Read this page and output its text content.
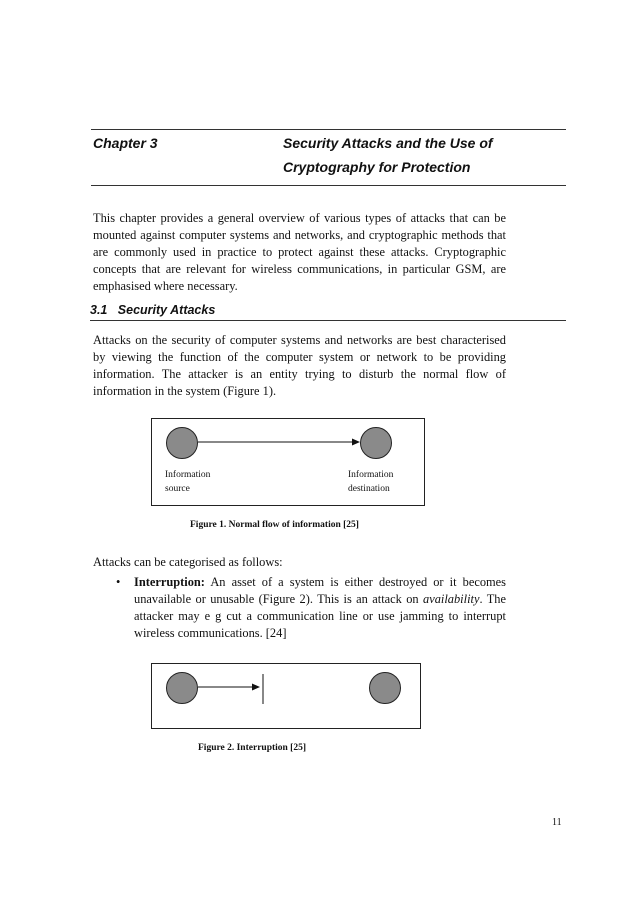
Chapter 3	Security Attacks and the Use of
Cryptography for Protection
This chapter provides a general overview of various types of attacks that can be
mounted against computer systems and networks, and cryptographic methods that
are commonly used in practice to protect against these attacks. Cryptographic
concepts that are relevant for wireless communications, in particular GSM, are
emphasised where necessary.
3.1   Security Attacks
Attacks on the security of computer systems and networks are best characterised
by viewing the function of the computer system or network to be providing
information. The attacker is an entity trying to disturb the normal flow of
information in the system (Figure 1).
Information
source
Information
destination
Figure 1. Normal flow of information [25]
Attacks can be categorised as follows:
• Interruption: An asset of a system is either destroyed or it becomes
unavailable or unusable (Figure 2). This is an attack on availability. The
attacker may e g cut a communication line or use jamming to interrupt
wireless communications. [24]
Figure 2. Interruption [25]
11
